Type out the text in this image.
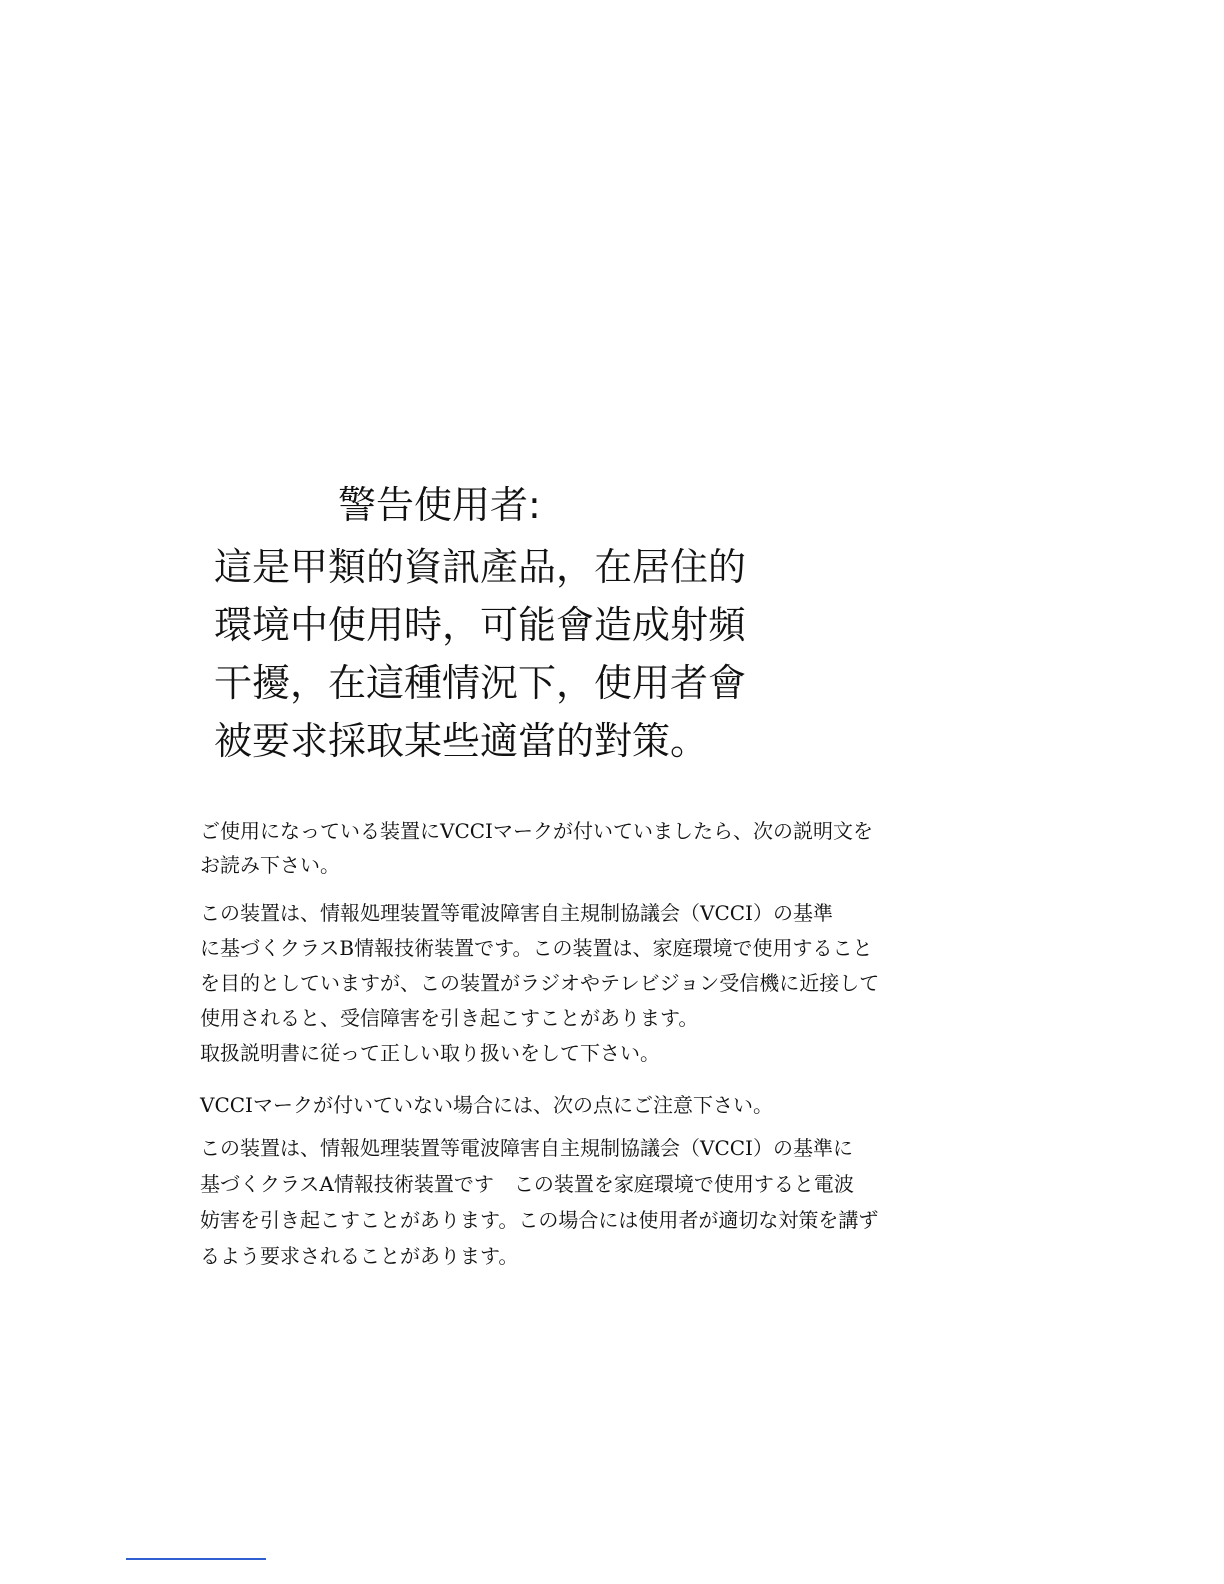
警告使用者:

這是甲類的資訊產品，在居住的

環境中使用時，可能會造成射頻

干擾，在這種情況下，使用者會

被要求採取某些適當的對策。

ご使用になっている装置にVCCIマークが付いていましたら、次の説明文を

お読み下さい。

この装置は、情報処理装置等電波障害自主規制協議会（VCCI）の基準

に基づくクラスB情報技術装置です。この装置は、家庭環境で使用すること

を目的としていますが、この装置がラジオやテレビジョン受信機に近接して

使用されると、受信障害を引き起こすことがあります。

取扱説明書に従って正しい取り扱いをして下さい。

VCCIマークが付いていない場合には、次の点にご注意下さい。

この装置は、情報処理装置等電波障害自主規制協議会（VCCI）の基準に

基づくクラスA情報技術装置です　この装置を家庭環境で使用すると電波

妨害を引き起こすことがあります。この場合には使用者が適切な対策を講ず

るよう要求されることがあります。
